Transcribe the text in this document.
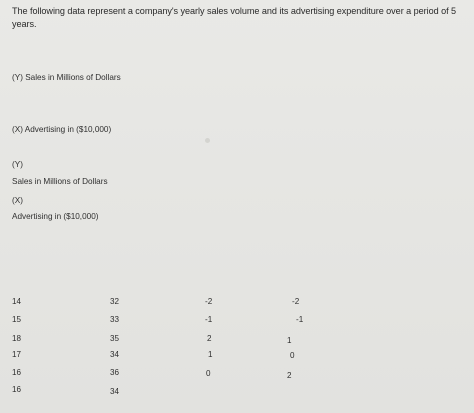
The following data represent a company's yearly sales volume and its advertising expenditure over a period of 5 years.
(Y) Sales in Millions of Dollars
(X) Advertising in ($10,000)
(Y)
Sales in Millions of Dollars
(X)
Advertising in ($10,000)
14	32	-2	-2
15	33	-1	-1
18	35	2	1
17	34	1	0
16	36	0	2
16	34
